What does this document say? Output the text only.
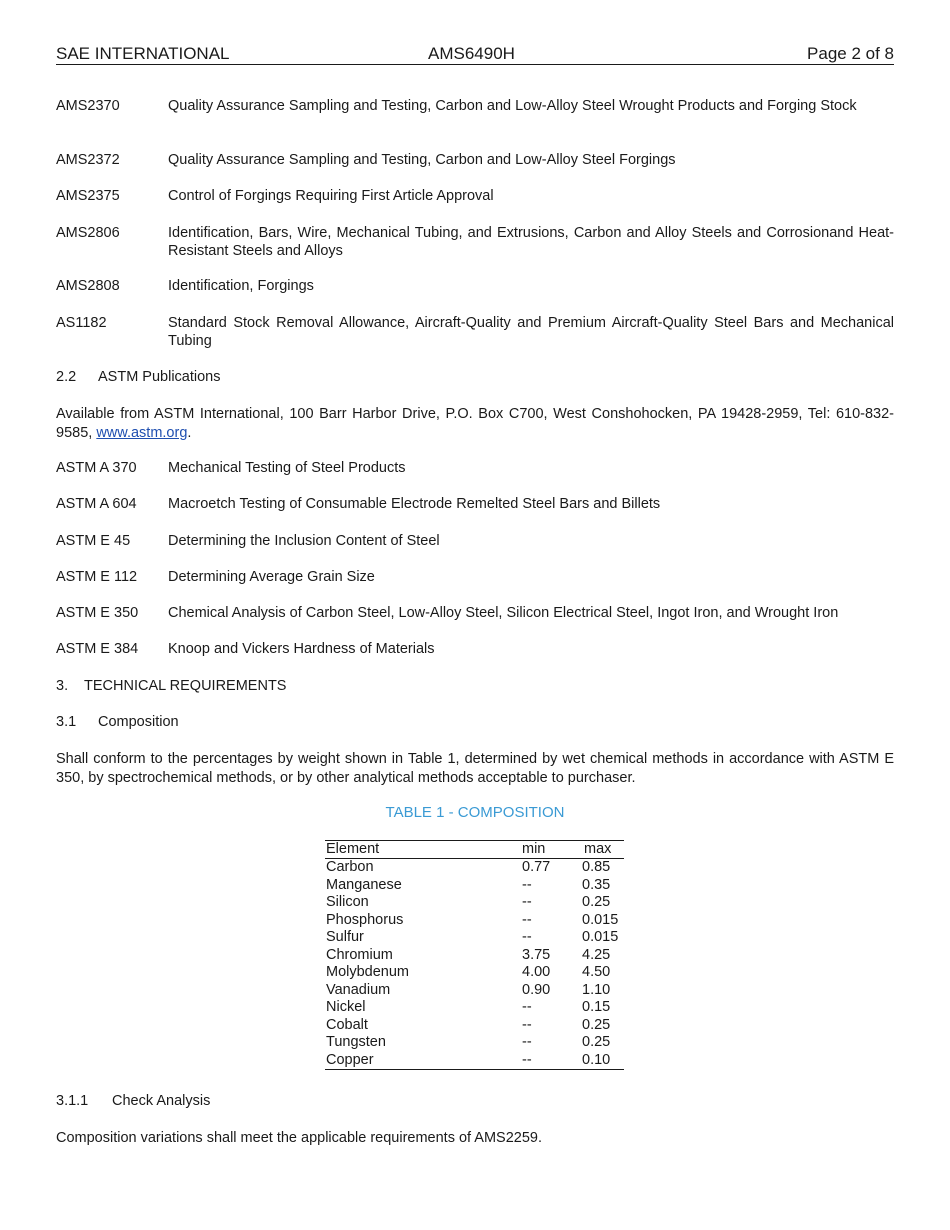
SAE INTERNATIONAL	AMS6490H	Page 2 of 8
AMS2370	Quality Assurance Sampling and Testing, Carbon and Low-Alloy Steel Wrought Products and Forging Stock
AMS2372	Quality Assurance Sampling and Testing, Carbon and Low-Alloy Steel Forgings
AMS2375	Control of Forgings Requiring First Article Approval
AMS2806	Identification, Bars, Wire, Mechanical Tubing, and Extrusions, Carbon and Alloy Steels and Corrosionand Heat-Resistant Steels and Alloys
AMS2808	Identification, Forgings
AS1182	Standard Stock Removal Allowance, Aircraft-Quality and Premium Aircraft-Quality Steel Bars and Mechanical Tubing
2.2 ASTM Publications
Available from ASTM International, 100 Barr Harbor Drive, P.O. Box C700, West Conshohocken, PA 19428-2959, Tel: 610-832-9585, www.astm.org.
ASTM A 370	Mechanical Testing of Steel Products
ASTM A 604	Macroetch Testing of Consumable Electrode Remelted Steel Bars and Billets
ASTM E 45	Determining the Inclusion Content of Steel
ASTM E 112	Determining Average Grain Size
ASTM E 350	Chemical Analysis of Carbon Steel, Low-Alloy Steel, Silicon Electrical Steel, Ingot Iron, and Wrought Iron
ASTM E 384	Knoop and Vickers Hardness of Materials
3. TECHNICAL REQUIREMENTS
3.1 Composition
Shall conform to the percentages by weight shown in Table 1, determined by wet chemical methods in accordance with ASTM E 350, by spectrochemical methods, or by other analytical methods acceptable to purchaser.
TABLE 1 - COMPOSITION
Element	min	max
Carbon	0.77	0.85
Manganese	--	0.35
Silicon	--	0.25
Phosphorus	--	0.015
Sulfur	--	0.015
Chromium	3.75	4.25
Molybdenum	4.00	4.50
Vanadium	0.90	1.10
Nickel	--	0.15
Cobalt	--	0.25
Tungsten	--	0.25
Copper	--	0.10
3.1.1 Check Analysis
Composition variations shall meet the applicable requirements of AMS2259.
